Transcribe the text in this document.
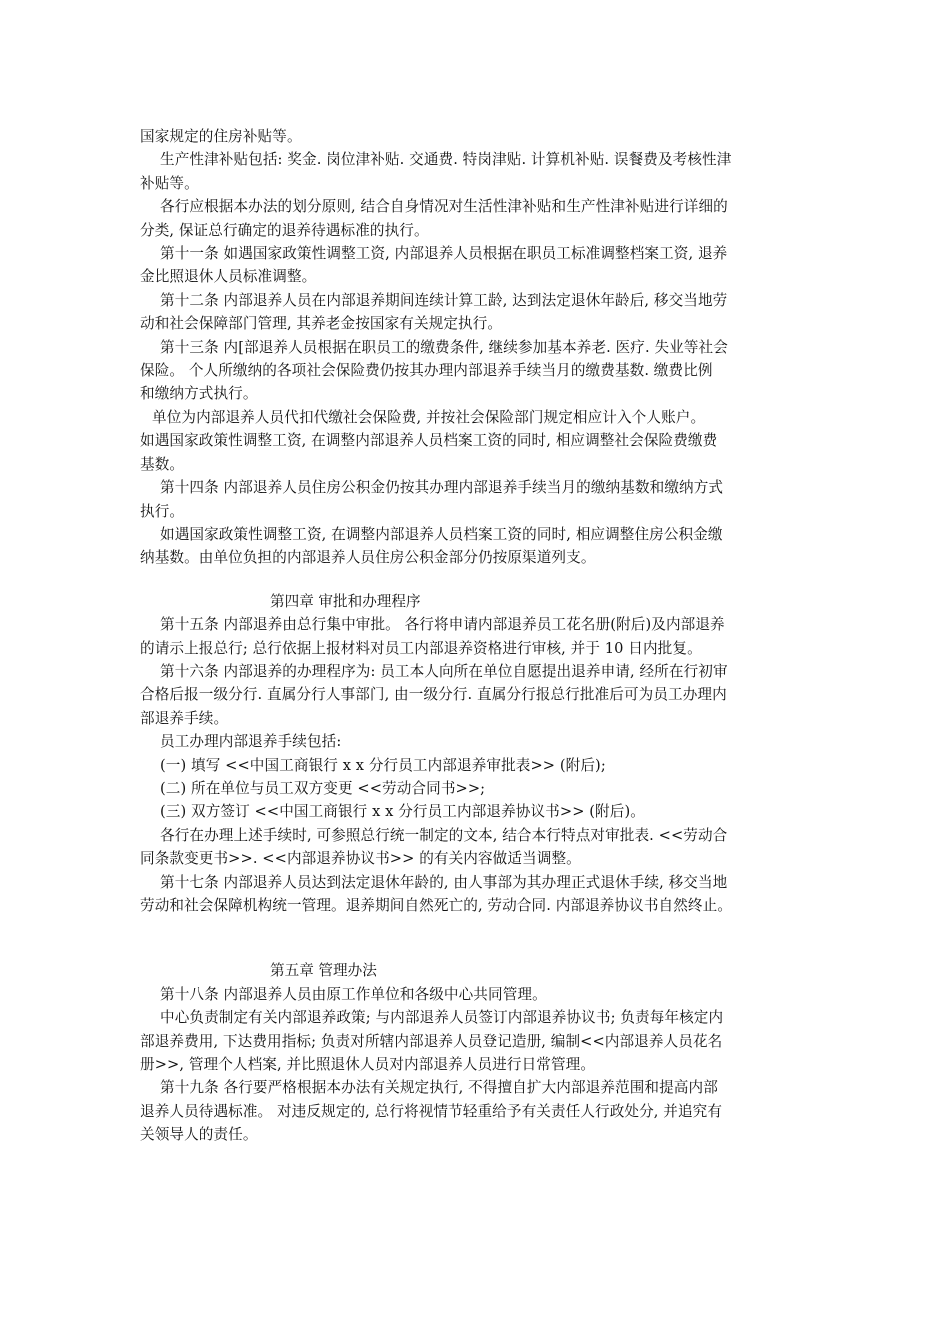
国家规定的住房补贴等。
生产性津补贴包括: 奖金. 岗位津补贴. 交通费. 特岗津贴. 计算机补贴. 误餐费及考核性津
补贴等。
各行应根据本办法的划分原则, 结合自身情况对生活性津补贴和生产性津补贴进行详细的
分类, 保证总行确定的退养待遇标准的执行。
第十一条 如遇国家政策性调整工资, 内部退养人员根据在职员工标准调整档案工资, 退养
金比照退休人员标准调整。
第十二条 内部退养人员在内部退养期间连续计算工龄, 达到法定退休年龄后, 移交当地劳
动和社会保障部门管理, 其养老金按国家有关规定执行。
第十三条 内[部退养人员根据在职员工的缴费条件, 继续参加基本养老. 医疗. 失业等社会
保险。 个人所缴纳的各项社会保险费仍按其办理内部退养手续当月的缴费基数. 缴费比例
和缴纳方式执行。
单位为内部退养人员代扣代缴社会保险费, 并按社会保险部门规定相应计入个人账户。
如遇国家政策性调整工资, 在调整内部退养人员档案工资的同时, 相应调整社会保险费缴费
基数。
第十四条 内部退养人员住房公积金仍按其办理内部退养手续当月的缴纳基数和缴纳方式
执行。
如遇国家政策性调整工资, 在调整内部退养人员档案工资的同时, 相应调整住房公积金缴
纳基数。由单位负担的内部退养人员住房公积金部分仍按原渠道列支。
第四章 审批和办理程序
第十五条 内部退养由总行集中审批。 各行将申请内部退养员工花名册(附后)及内部退养
的请示上报总行; 总行依据上报材料对员工内部退养资格进行审核, 并于 10 日内批复。
第十六条 内部退养的办理程序为: 员工本人向所在单位自愿提出退养申请, 经所在行初审
合格后报一级分行. 直属分行人事部门, 由一级分行. 直属分行报总行批准后可为员工办理内
部退养手续。
员工办理内部退养手续包括:
(一) 填写 <<中国工商银行 x x 分行员工内部退养审批表>> (附后);
(二) 所在单位与员工双方变更 <<劳动合同书>>;
(三) 双方签订 <<中国工商银行 x x 分行员工内部退养协议书>> (附后)。
各行在办理上述手续时, 可参照总行统一制定的文本, 结合本行特点对审批表. <<劳动合
同条款变更书>>. <<内部退养协议书>> 的有关内容做适当调整。
第十七条 内部退养人员达到法定退休年龄的, 由人事部为其办理正式退休手续, 移交当地
劳动和社会保障机构统一管理。退养期间自然死亡的, 劳动合同. 内部退养协议书自然终止。
第五章 管理办法
第十八条 内部退养人员由原工作单位和各级中心共同管理。
中心负责制定有关内部退养政策; 与内部退养人员签订内部退养协议书; 负责每年核定内
部退养费用, 下达费用指标; 负责对所辖内部退养人员登记造册, 编制<<内部退养人员花名
册>>, 管理个人档案, 并比照退休人员对内部退养人员进行日常管理。
第十九条 各行要严格根据本办法有关规定执行, 不得擅自扩大内部退养范围和提高内部
退养人员待遇标准。 对违反规定的, 总行将视情节轻重给予有关责任人行政处分, 并追究有
关领导人的责任。
